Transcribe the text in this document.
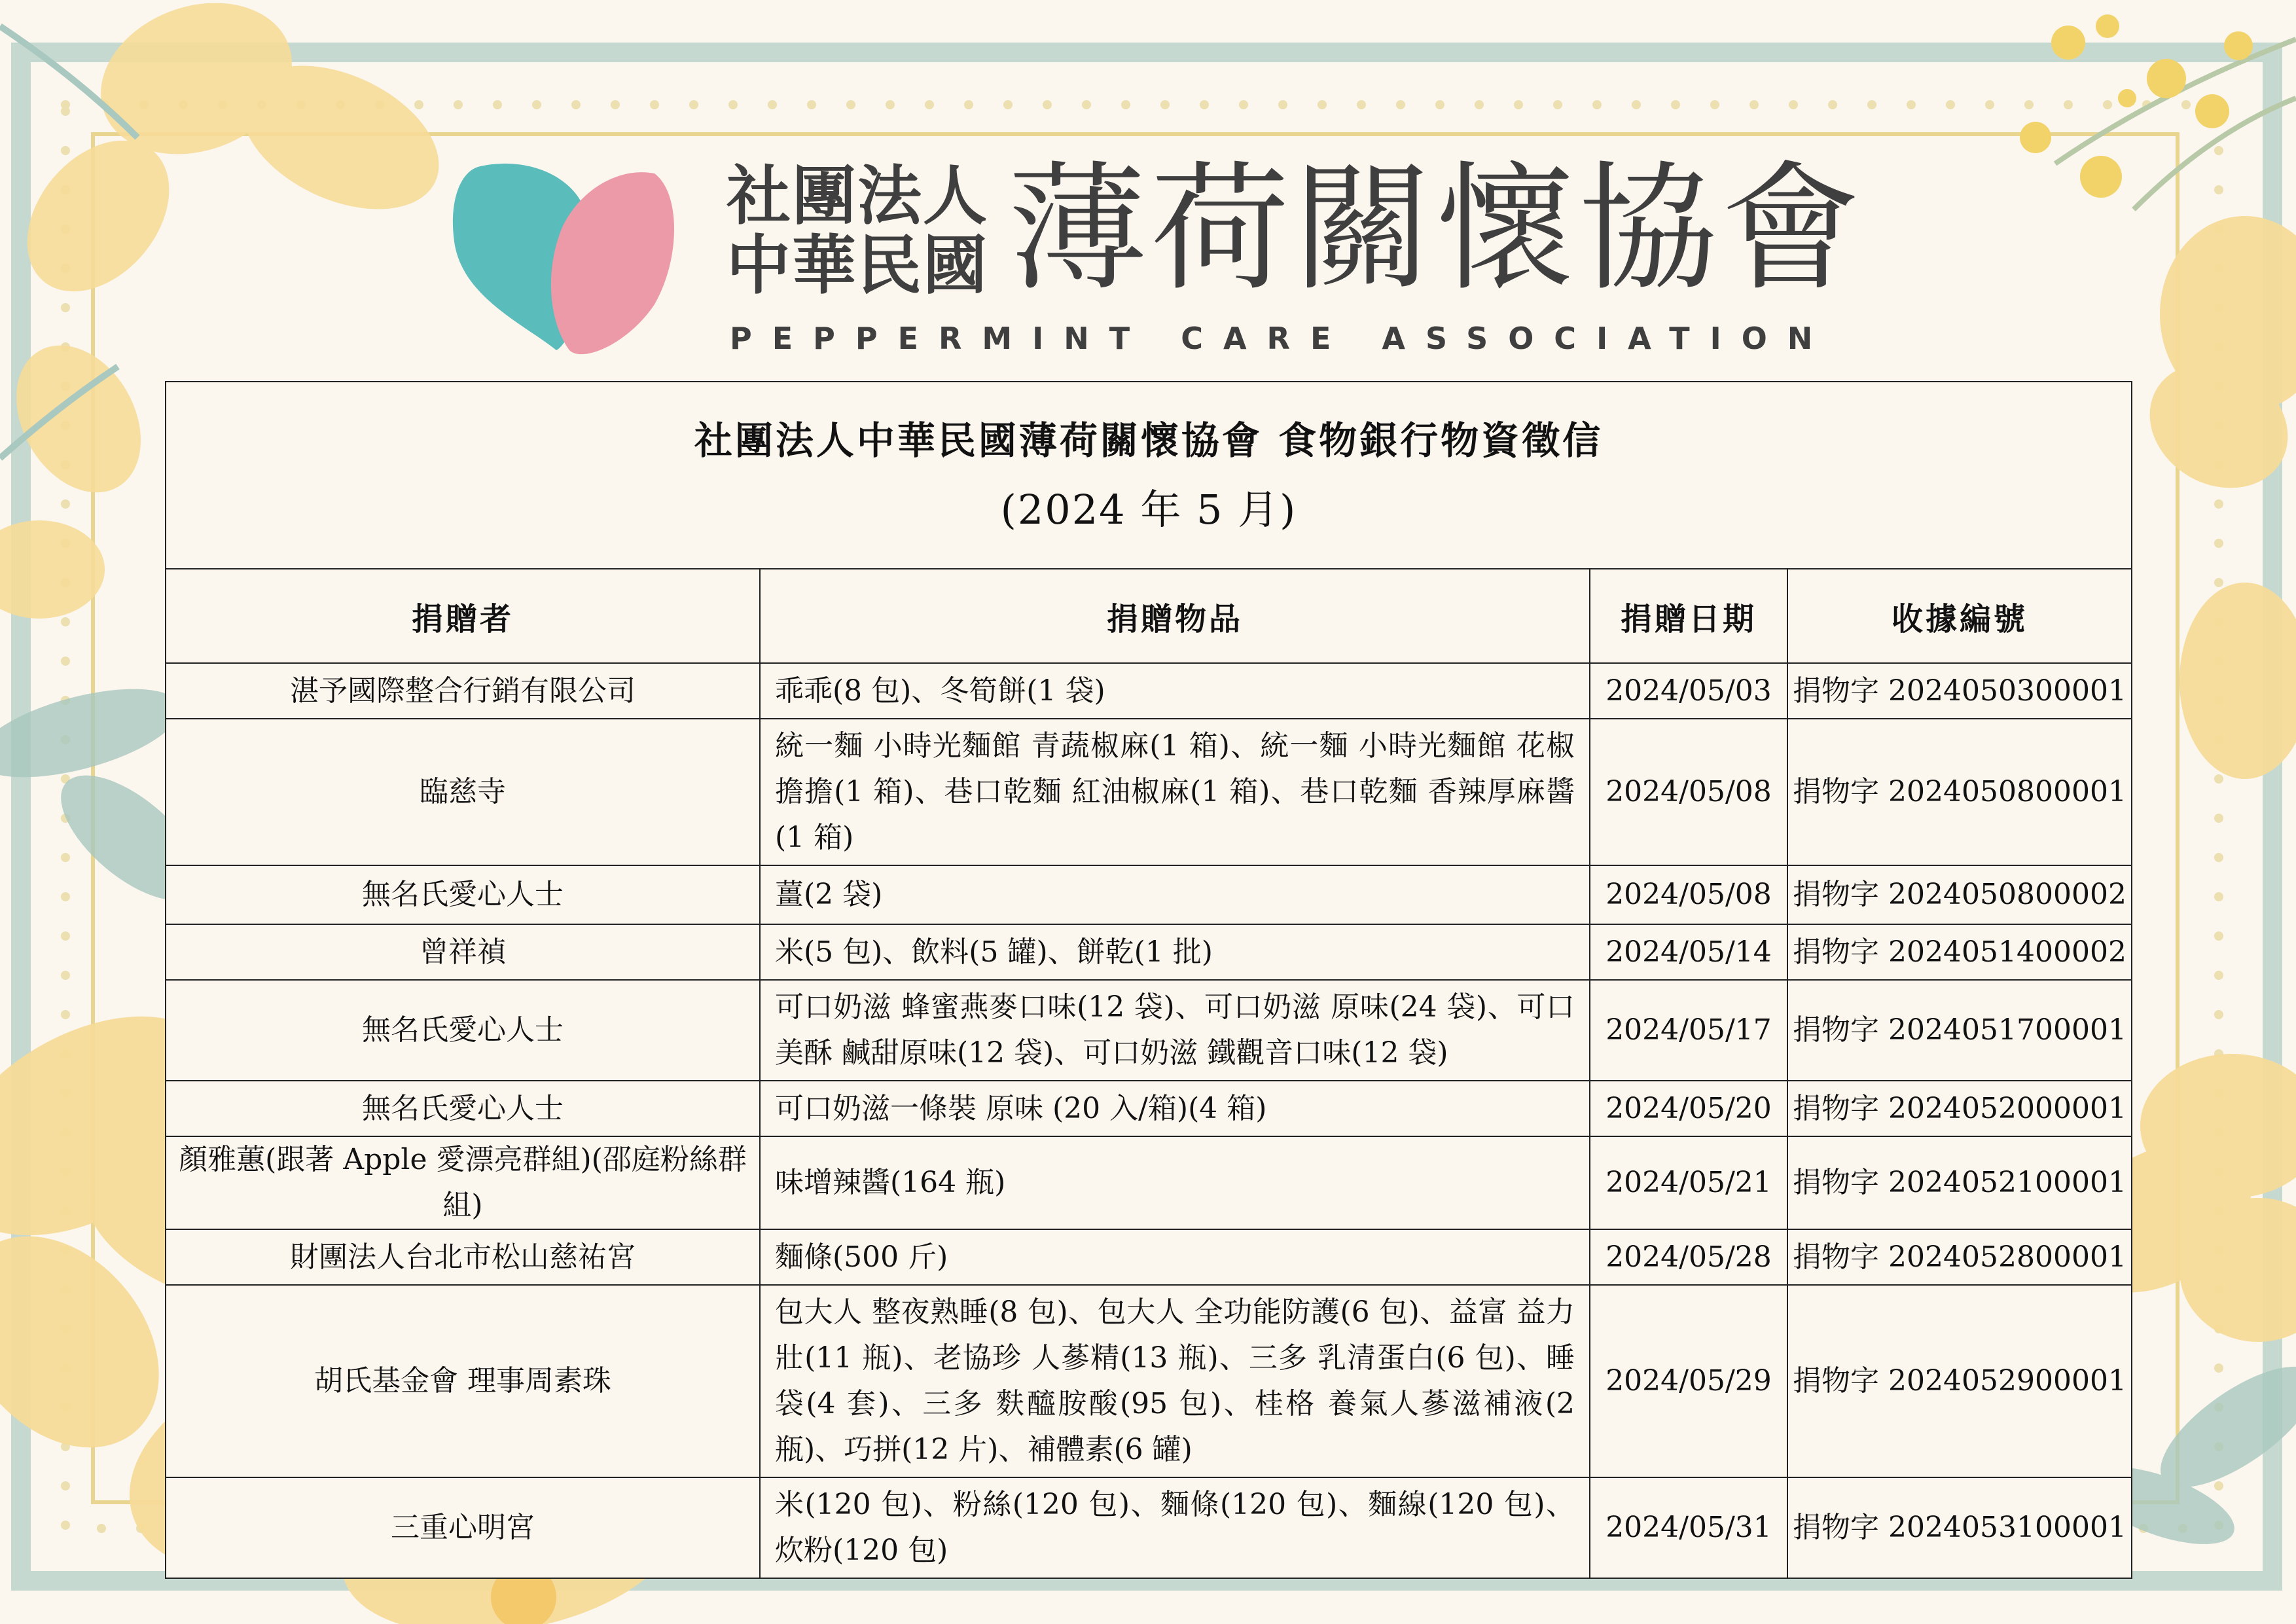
社團法人
中華民國 薄荷關懷協會
PEPPERMINT CARE ASSOCIATION
社團法人中華民國薄荷關懷協會 食物銀行物資徵信
(2024 年 5 月)			

捐贈者	捐贈物品	捐贈日期	收據編號
湛予國際整合行銷有限公司	乖乖(8 包)、冬筍餅(1 袋)	2024/05/03	捐物字 2024050300001
臨慈寺	統一麵 小時光麵館 青蔬椒麻(1 箱)、統一麵 小時光麵館 花椒擔擔(1 箱)、巷口乾麵 紅油椒麻(1 箱)、巷口乾麵 香辣厚麻醬(1 箱)	2024/05/08	捐物字 2024050800001
無名氏愛心人士	薑(2 袋)	2024/05/08	捐物字 2024050800002
曾祥禎	米(5 包)、飲料(5 罐)、餅乾(1 批)	2024/05/14	捐物字 2024051400002
無名氏愛心人士	可口奶滋 蜂蜜燕麥口味(12 袋)、可口奶滋 原味(24 袋)、可口美酥 鹹甜原味(12 袋)、可口奶滋 鐵觀音口味(12 袋)	2024/05/17	捐物字 2024051700001
無名氏愛心人士	可口奶滋一條裝 原味 (20 入/箱)(4 箱)	2024/05/20	捐物字 2024052000001
顏雅蕙(跟著 Apple 愛漂亮群組)(邵庭粉絲群組)	味增辣醬(164 瓶)	2024/05/21	捐物字 2024052100001
財團法人台北市松山慈祐宮	麵條(500 斤)	2024/05/28	捐物字 2024052800001
胡氏基金會 理事周素珠	包大人 整夜熟睡(8 包)、包大人 全功能防護(6 包)、益富 益力壯(11 瓶)、老協珍 人蔘精(13 瓶)、三多 乳清蛋白(6 包)、睡袋(4 套)、三多 麩醯胺酸(95 包)、桂格 養氣人蔘滋補液(2 瓶)、巧拼(12 片)、補體素(6 罐)	2024/05/29	捐物字 2024052900001
三重心明宮	米(120 包)、粉絲(120 包)、麵條(120 包)、麵線(120 包)、炊粉(120 包)	2024/05/31	捐物字 2024053100001
